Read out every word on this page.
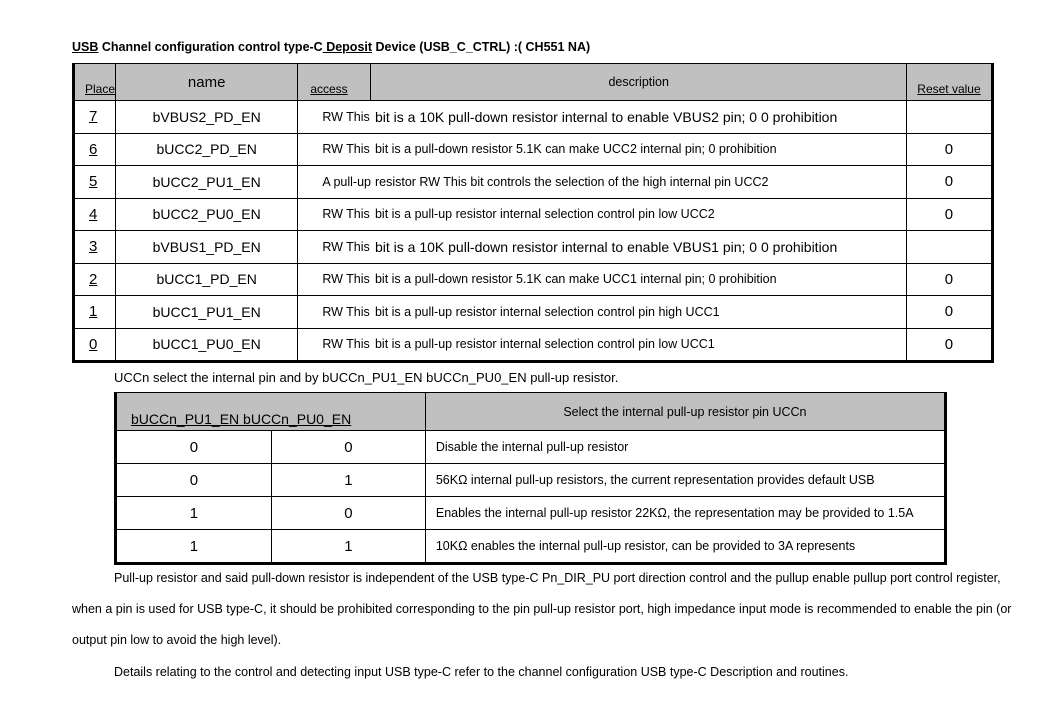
USB Channel configuration control type-C Deposit Device (USB_C_CTRL) :( CH551 NA)
Place	name	access	description	Reset value
7	bVBUS2_PD_EN	RW This	bit is a 10K pull-down resistor internal to enable VBUS2 pin; 0 0 prohibition	
6	bUCC2_PD_EN	RW This	bit is a pull-down resistor 5.1K can make UCC2 internal pin; 0 prohibition	0
5	bUCC2_PU1_EN	A pull-up	resistor RW This bit controls the selection of the high internal pin UCC2	0
4	bUCC2_PU0_EN	RW This	bit is a pull-up resistor internal selection control pin low UCC2	0
3	bVBUS1_PD_EN	RW This	bit is a 10K pull-down resistor internal to enable VBUS1 pin; 0 0 prohibition	
2	bUCC1_PD_EN	RW This	bit is a pull-down resistor 5.1K can make UCC1 internal pin; 0 prohibition	0
1	bUCC1_PU1_EN	RW This	bit is a pull-up resistor internal selection control pin high UCC1	0
0	bUCC1_PU0_EN	RW This	bit is a pull-up resistor internal selection control pin low UCC1	0
UCCn select the internal pin and by bUCCn_PU1_EN bUCCn_PU0_EN pull-up resistor.
bUCCn_PU1_EN bUCCn_PU0_EN		Select the internal pull-up resistor pin UCCn
0	0	Disable the internal pull-up resistor
0	1	56KΩ internal pull-up resistors, the current representation provides default USB
1	0	Enables the internal pull-up resistor 22KΩ, the representation may be provided to 1.5A
1	1	10KΩ enables the internal pull-up resistor, can be provided to 3A represents
Pull-up resistor and said pull-down resistor is independent of the USB type-C Pn_DIR_PU port direction control and the pullup enable pullup port control register,
when a pin is used for USB type-C, it should be prohibited corresponding to the pin pull-up resistor port, high impedance input mode is recommended to enable the pin (or
output pin low to avoid the high level).
Details relating to the control and detecting input USB type-C refer to the channel configuration USB type-C Description and routines.
